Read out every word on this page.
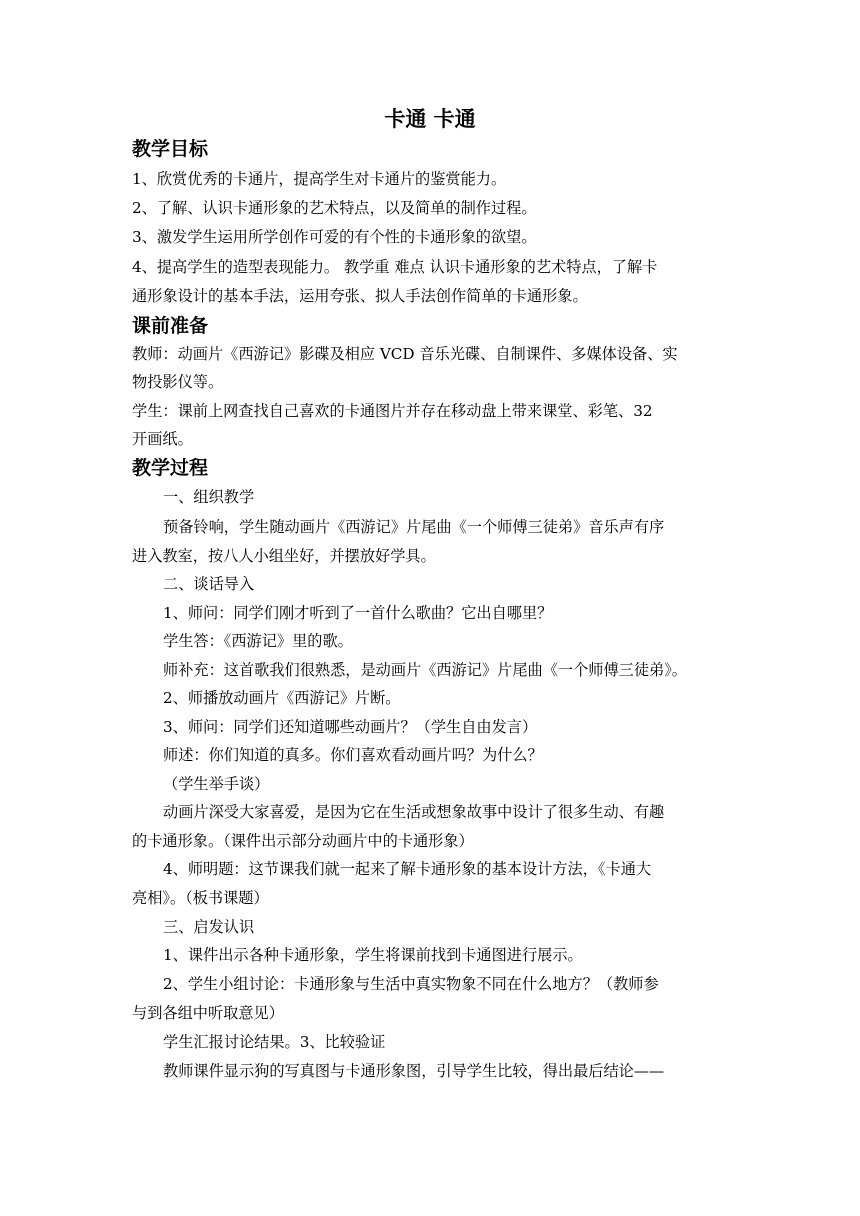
卡通 卡通
教学目标
1、欣赏优秀的卡通片，提高学生对卡通片的鉴赏能力。
2、了解、认识卡通形象的艺术特点，以及简单的制作过程。
3、激发学生运用所学创作可爱的有个性的卡通形象的欲望。
4、提高学生的造型表现能力。 教学重 难点 认识卡通形象的艺术特点，了解卡
通形象设计的基本手法，运用夸张、拟人手法创作简单的卡通形象。
课前准备
教师：动画片《西游记》影碟及相应 VCD 音乐光碟、自制课件、多媒体设备、实
物投影仪等。
学生：课前上网查找自己喜欢的卡通图片并存在移动盘上带来课堂、彩笔、32
开画纸。
教学过程
一、组织教学
预备铃响，学生随动画片《西游记》片尾曲《一个师傅三徒弟》音乐声有序
进入教室，按八人小组坐好，并摆放好学具。
二、谈话导入
1、师问：同学们刚才听到了一首什么歌曲？它出自哪里？
学生答：《西游记》里的歌。
师补充：这首歌我们很熟悉，是动画片《西游记》片尾曲《一个师傅三徒弟》。
2、师播放动画片《西游记》片断。
3、师问：同学们还知道哪些动画片？（学生自由发言）
师述：你们知道的真多。你们喜欢看动画片吗？为什么？
（学生举手谈）
动画片深受大家喜爱，是因为它在生活或想象故事中设计了很多生动、有趣
的卡通形象。（课件出示部分动画片中的卡通形象）
4、师明题：这节课我们就一起来了解卡通形象的基本设计方法，《卡通大
亮相》。（板书课题）
三、启发认识
1、课件出示各种卡通形象，学生将课前找到卡通图进行展示。
2、学生小组讨论：卡通形象与生活中真实物象不同在什么地方？（教师参
与到各组中听取意见）
学生汇报讨论结果。3、比较验证
教师课件显示狗的写真图与卡通形象图，引导学生比较，得出最后结论——
